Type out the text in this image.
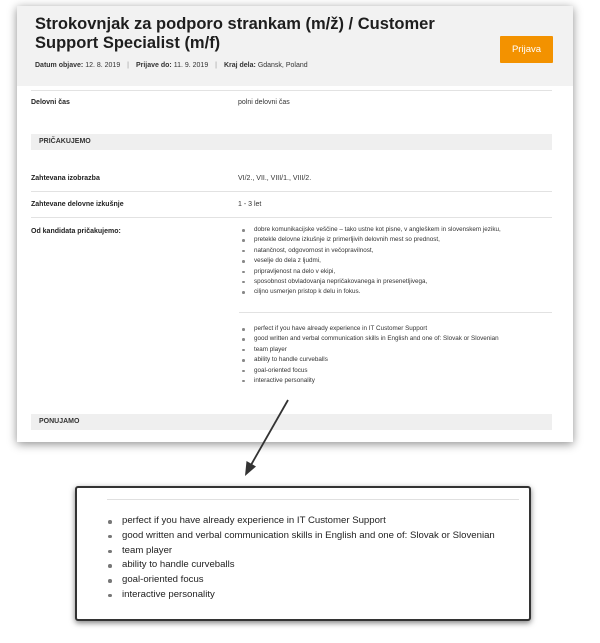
Strokovnjak za podporo strankam (m/ž) / Customer Support Specialist (m/f)
Datum objave: 12. 8. 2019 | Prijave do: 11. 9. 2019 | Kraj dela: Gdansk, Poland
Prijava
Delovni čas	polni delovni čas
PRIČAKUJEMO
Zahtevana izobrazba	VI/2., VII., VIII/1., VIII/2.
Zahtevane delovne izkušnje	1 - 3 let
Od kandidata pričakujemo:	dobre komunikacijske veščine – tako ustne kot pisne, v angleškem in slovenskem jeziku,
pretekle delovne izkušnje iz primerljivih delovnih mest so prednost,
natančnost, odgovornost in večopravilnost,
veselje do dela z ljudmi,
pripravljenost na delo v ekipi,
sposobnost obvladovanja nepričakovanega in presenetljivega,
ciljno usmerjen pristop k delu in fokus.
perfect if you have already experience in IT Customer Support
good written and verbal communication skills in English and one of: Slovak or Slovenian
team player
ability to handle curveballs
goal-oriented focus
interactive personality
PONUJAMO
perfect if you have already experience in IT Customer Support
good written and verbal communication skills in English and one of: Slovak or Slovenian
team player
ability to handle curveballs
goal-oriented focus
interactive personality
